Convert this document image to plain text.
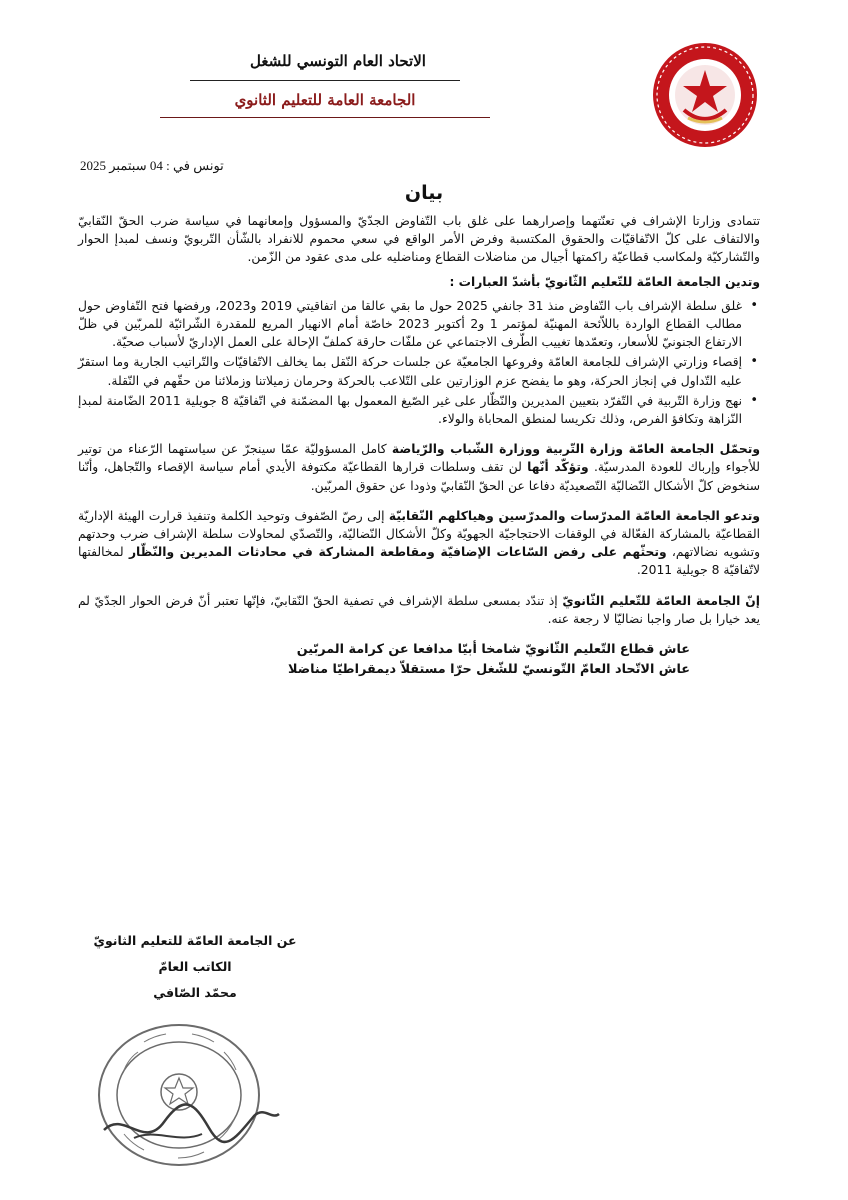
الاتحاد العام التونسي للشغل
الجامعة العامة للتعليم الثانوي
تونس في : 04 سبتمبر 2025
بيان

تتمادى وزارتا الإشراف في تعنّتهما وإصرارهما على غلق باب التّفاوض الجدّيّ والمسؤول وإمعانهما في سياسة ضرب الحقّ النّقابيّ والالتفاف على كلّ الاتّفاقيّات والحقوق المكتسبة وفرض الأمر الواقع في سعي محموم للانفراد بالشّأن التّربويّ ونسف لمبدإ الحوار والتّشاركيّة ولمكاسب قطاعيّة راكمتها أجيال من مناضلات القطاع ومناضليه على مدى عقود من الزّمن.

وتدين الجامعة العامّة للتّعليم الثّانويّ بأشدّ العبارات :

• غلق سلطة الإشراف باب التّفاوض منذ 31 جانفي 2025 حول ما بقي عالقا من اتفاقيتي 2019 و2023، ورفضها فتح التّفاوض حول مطالب القطاع الواردة باللاّئحة المهنيّة لمؤتمر 1 و2 أكتوبر 2023 خاصّة أمام الانهيار المريع للمقدرة الشّرائيّة للمربّين في ظلّ الارتفاع الجنونيّ للأسعار، وتعمّدها تغييب الطّرف الاجتماعي عن ملفّات حارقة كملفّ الإحالة على العمل الإداريّ لأسباب صحيّة.
• إقصاء وزارتي الإشراف للجامعة العامّة وفروعها الجامعيّة عن جلسات حركة النّقل بما يخالف الاتّفاقيّات والتّراتيب الجارية وما استقرّ عليه التّداول في إنجاز الحركة، وهو ما يفضح عزم الوزارتين على التّلاعب بالحركة وحرمان زميلاتنا وزملائنا من حقّهم في النّقلة.
• نهج وزارة التّربية في التّفرّد بتعيين المديرين والنّظّار على غير الصّيغ المعمول بها المضمّنة في اتّفاقيّة 8 جويلية 2011 الضّامنة لمبدإ النّزاهة وتكافؤ الفرص، وذلك تكريسا لمنطق المحاباة والولاء.

وتحمّل الجامعة العامّة وزارة التّربية ووزارة الشّباب والرّياضة كامل المسؤوليّة عمّا سينجرّ عن سياستهما الرّعناء من توتير للأجواء وإرباك للعودة المدرسيّة. وتؤكّد أنّها لن تقف وسلطات قرارها القطاعيّة مكتوفة الأيدي أمام سياسة الإقصاء والتّجاهل، وأنّنا سنخوض كلّ الأشكال النّضاليّة التّصعيديّة دفاعا عن الحقّ النّقابيّ وذودا عن حقوق المربّين.

وتدعو الجامعة العامّة المدرّسات والمدرّسين وهياكلهم النّقابيّة إلى رصّ الصّفوف وتوحيد الكلمة وتنفيذ قرارت الهيئة الإداريّة القطاعيّة بالمشاركة الفعّالة في الوقفات الاحتجاجيّة الجهويّة وكلّ الأشكال النّضاليّة، والتّصدّي لمحاولات سلطة الإشراف ضرب وحدتهم وتشويه نضالاتهم، وتحثّهم على رفض السّاعات الإضافيّة ومقاطعة المشاركة في محادثات المديرين والنّظّار لمخالفتها لاتّفاقيّة 8 جويلية 2011.

إنّ الجامعة العامّة للتّعليم الثّانويّ إذ تندّد بمسعى سلطة الإشراف في تصفية الحقّ النّقابيّ، فإنّها تعتبر أنّ فرض الحوار الجدّيّ لم يعد خيارا بل صار واجبا نضاليّا لا رجعة عنه.

عاش قطاع التّعليم الثّانويّ شامخا أبيّا مدافعا عن كرامة المربّين
عاش الاتّحاد العامّ التّونسيّ للشّغل حرّا مستقلاّ ديمقراطيّا مناضلا
عن الجامعة العامّة للتعليم الثانويّ
الكاتب العامّ
محمّد الصّافي
